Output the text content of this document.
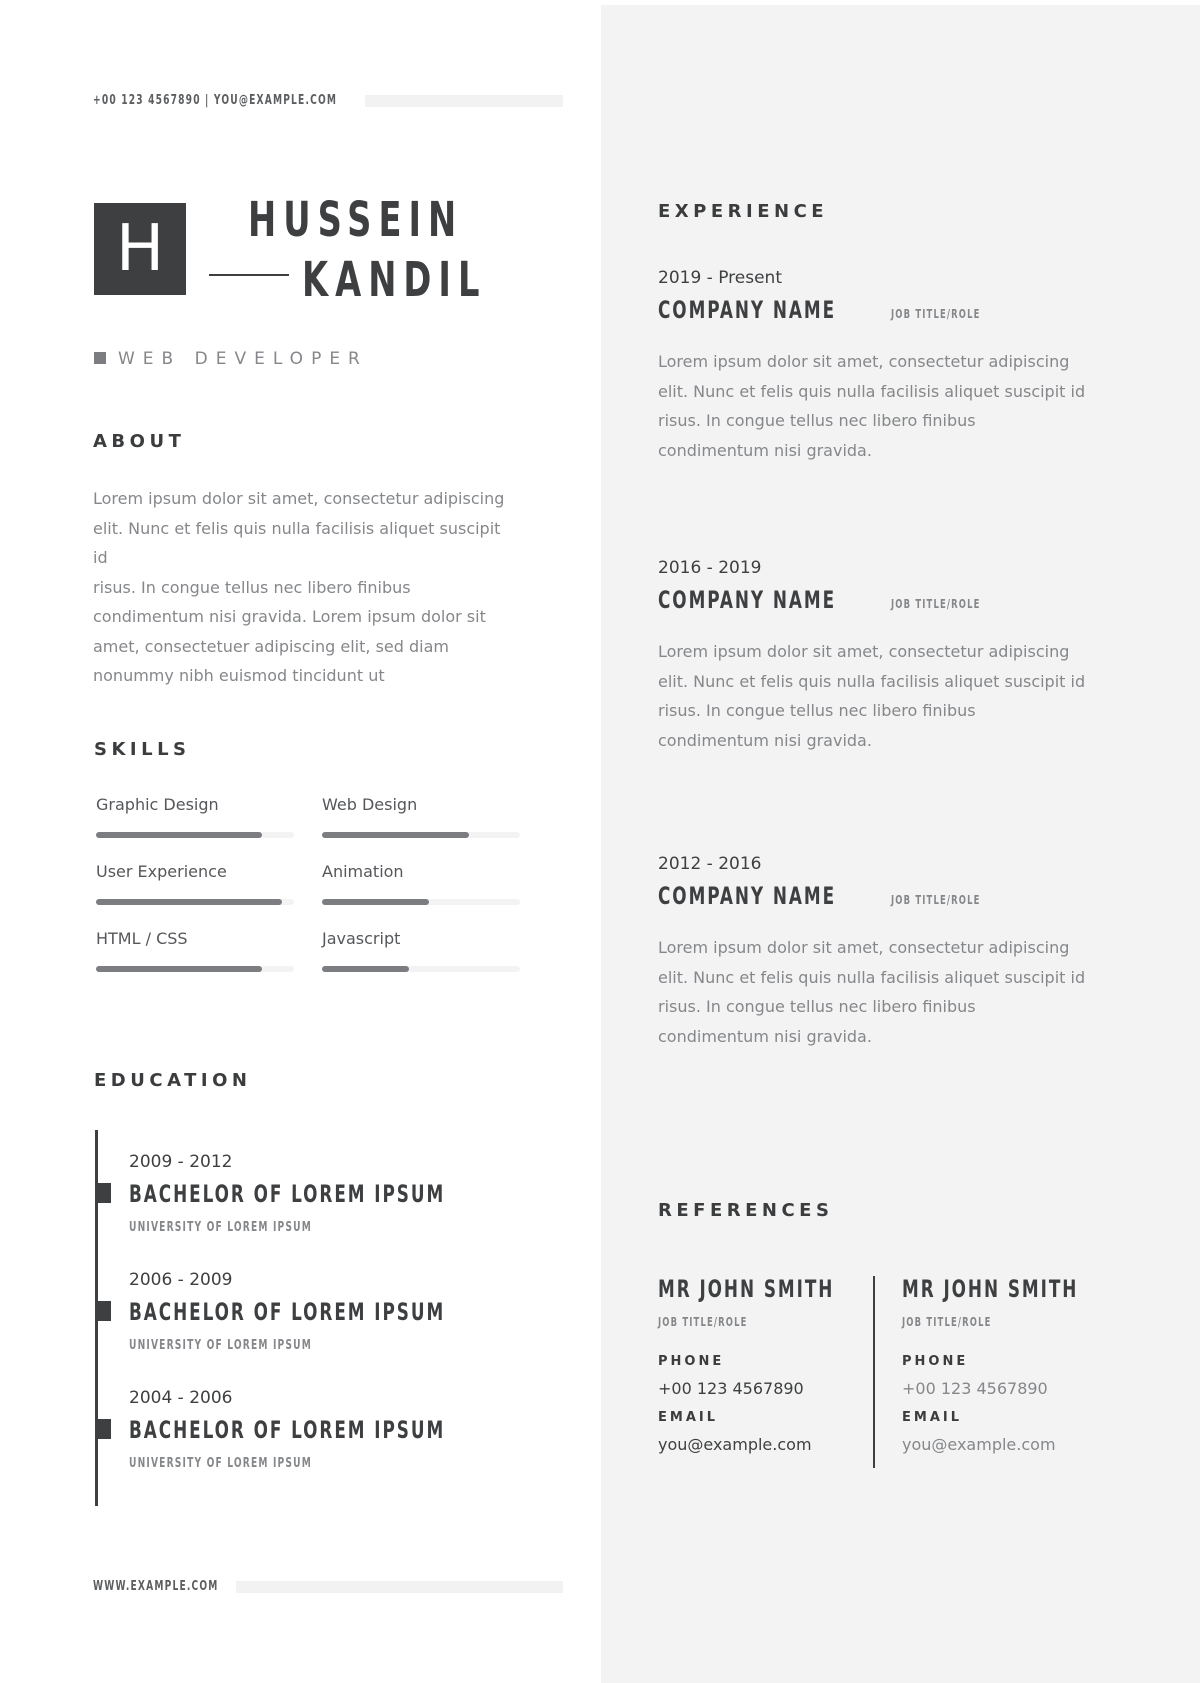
+00 123 4567890 | YOU@EXAMPLE.COM
H	HUSSEIN
KANDIL
WEB DEVELOPER
ABOUT
Lorem ipsum dolor sit amet, consectetur adipiscing
elit. Nunc et felis quis nulla facilisis aliquet suscipit id
risus. In congue tellus nec libero finibus
condimentum nisi gravida. Lorem ipsum dolor sit
amet, consectetuer adipiscing elit, sed diam
nonummy nibh euismod tincidunt ut
SKILLS
Graphic Design	Web Design
User Experience	Animation
HTML / CSS	Javascript
EDUCATION
2009 - 2012
BACHELOR OF LOREM IPSUM
UNIVERSITY OF LOREM IPSUM
2006 - 2009
BACHELOR OF LOREM IPSUM
UNIVERSITY OF LOREM IPSUM
2004 - 2006
BACHELOR OF LOREM IPSUM
UNIVERSITY OF LOREM IPSUM
WWW.EXAMPLE.COM
EXPERIENCE
2019 - Present
COMPANY NAME	JOB TITLE/ROLE
Lorem ipsum dolor sit amet, consectetur adipiscing
elit. Nunc et felis quis nulla facilisis aliquet suscipit id
risus. In congue tellus nec libero finibus
condimentum nisi gravida.
2016 - 2019
COMPANY NAME	JOB TITLE/ROLE
Lorem ipsum dolor sit amet, consectetur adipiscing
elit. Nunc et felis quis nulla facilisis aliquet suscipit id
risus. In congue tellus nec libero finibus
condimentum nisi gravida.
2012 - 2016
COMPANY NAME	JOB TITLE/ROLE
Lorem ipsum dolor sit amet, consectetur adipiscing
elit. Nunc et felis quis nulla facilisis aliquet suscipit id
risus. In congue tellus nec libero finibus
condimentum nisi gravida.
REFERENCES
MR JOHN SMITH JOB TITLE/ROLE
PHONE
+00 123 4567890
EMAIL
you@example.com
MR JOHN SMITH JOB TITLE/ROLE
PHONE
+00 123 4567890
EMAIL
you@example.com
